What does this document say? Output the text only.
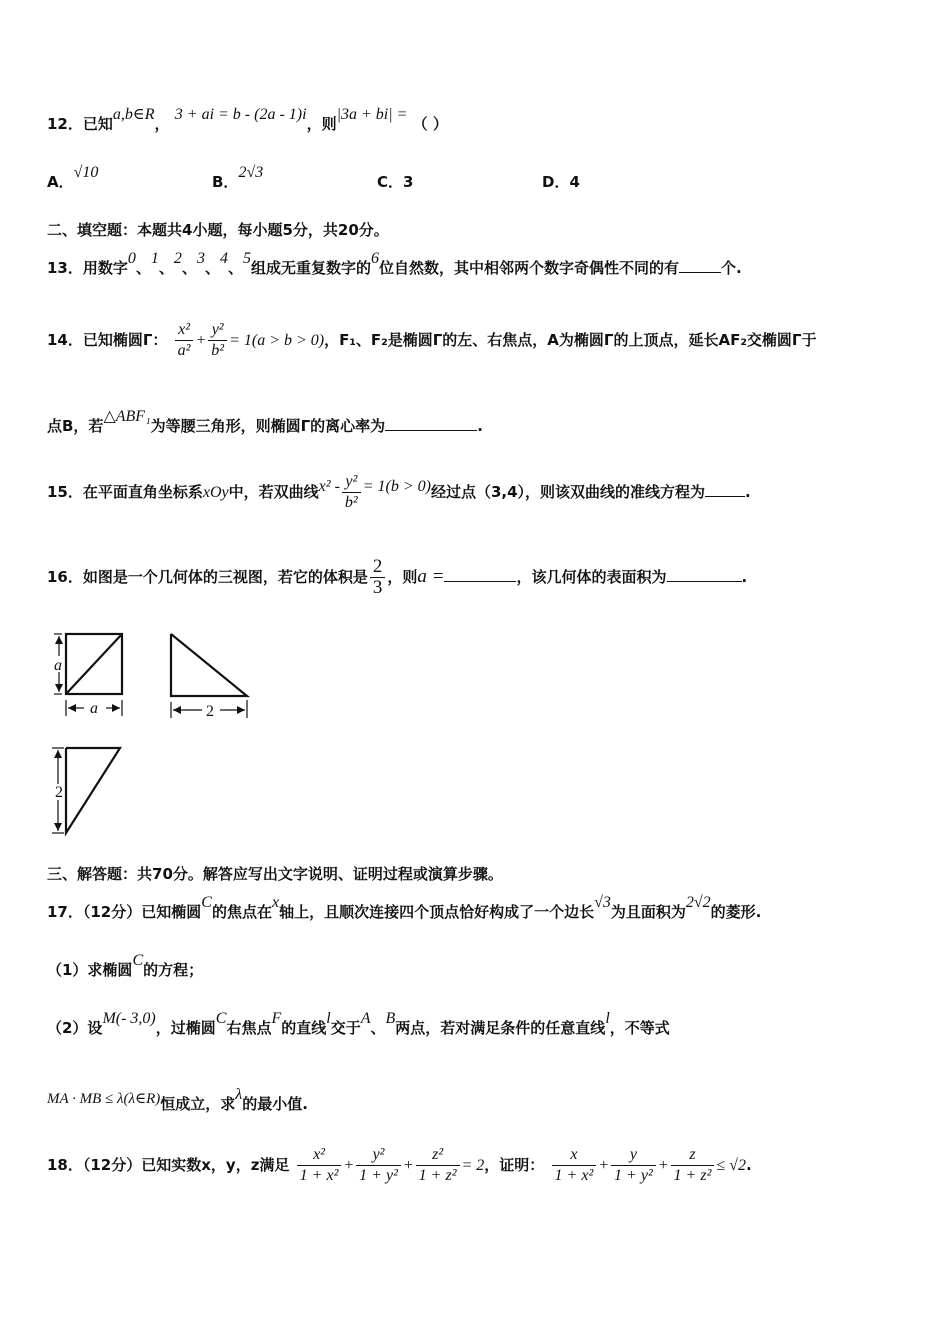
12．已知a,b∈R， 3 + ai = b - (2a - 1)i，则|3a + bi| = （ ）
A．√10
B．2√3
C．3	D．4
二、填空题：本题共4小题，每小题5分，共20分。
13．用数字0、1、2、3、4、5组成无重复数字的6位自然数，其中相邻两个数字奇偶性不同的有	个.
14．已知椭圆Γ： $\frac{\text{x²}}{\text{a²}} + \frac{\text{y²}}{\text{b²}} = 1(a > b > 0)$，F₁、F₂是椭圆Γ的左、右焦点，A为椭圆Γ的上顶点，延长AF₂交椭圆Γ于
点B，若△ABF₁为等腰三角形，则椭圆Γ的离心率为	.
15．在平面直角坐标系xOy中，若双曲线$x^2 - \frac{\text{y²}}{\text{b²}} = 1(b > 0)$经过点（3,4），则该双曲线的准线方程为	.
16．如图是一个几何体的三视图，若它的体积是 $\frac{2}{3}$ ，则a =	，该几何体的表面积为	.
a
a	2
2
三、解答题：共70分。解答应写出文字说明、证明过程或演算步骤。
17．（12分）已知椭圆C的焦点在x轴上，且顺次连接四个顶点恰好构成了一个边长√3为且面积为2√2的菱形.
（1）求椭圆C的方程；
（2）设M(- 3,0)，过椭圆C右焦点F的直线l交于A、B两点，若对满足条件的任意直线l，不等式
MA · MB ≤ λ(λ∈R)恒成立，求λ的最小值.
18．（12分）已知实数x，y，z满足 $\frac{\text{x²}}{\text{1 + x²}} + \frac{\text{y²}}{\text{1 + y²}} + \frac{\text{z²}}{\text{1 + z²}} = 2$，证明： $\frac{x}{\text{1 + x²}} + \frac{y}{\text{1 + y²}} + \frac{z}{\text{1 + z²}} \le √2$.
